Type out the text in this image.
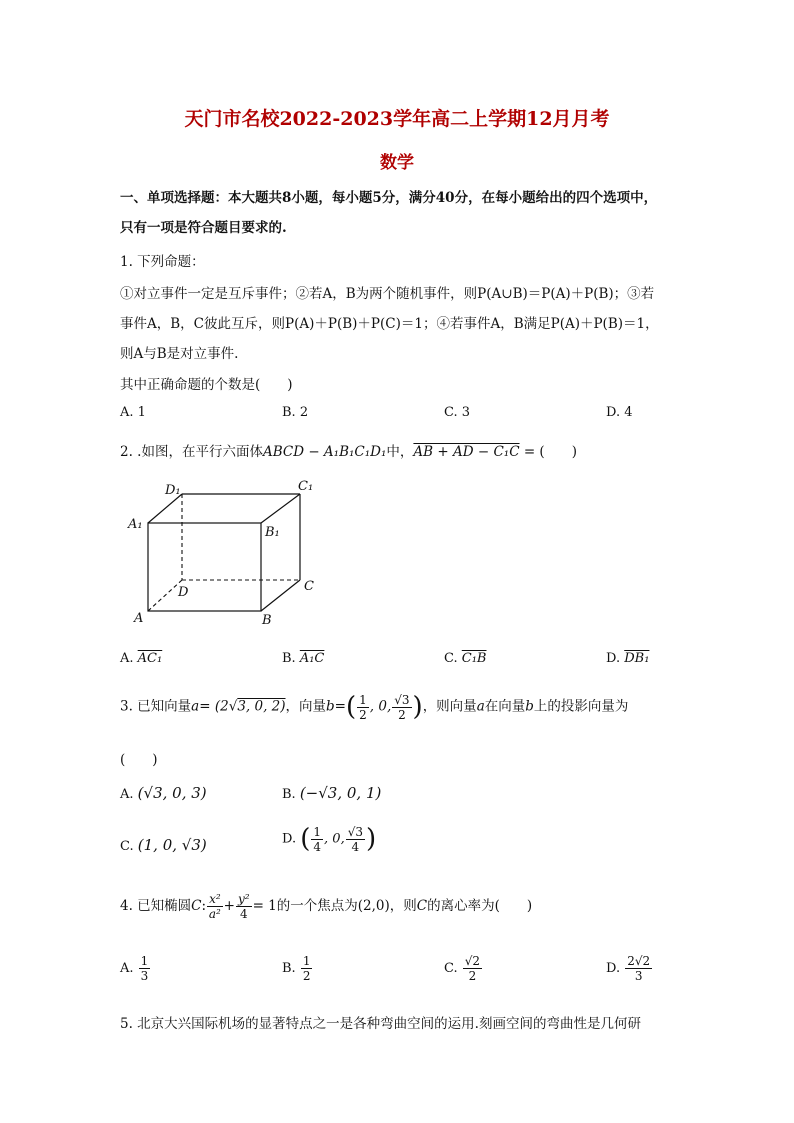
天门市名校2022-2023学年高二上学期12月月考
数学
一、单项选择题：本大题共8小题，每小题5分，满分40分，在每小题给出的四个选项中，
只有一项是符合题目要求的.
1. 下列命题：
①对立事件一定是互斥事件；②若A，B为两个随机事件，则P(A∪B)＝P(A)＋P(B)；③若
事件A，B，C彼此互斥，则P(A)＋P(B)＋P(C)＝1；④若事件A，B满足P(A)＋P(B)＝1，
则A与B是对立事件.
其中正确命题的个数是(　　)
A. 1	B. 2	C. 3	D. 4
2. .如图，在平行六面体ABCD − A₁B₁C₁D₁中，AB + AD − C₁C = (　　)
D₁	C₁
A₁
B₁
D	C
A	B
A. AC₁	B. A₁C	C. C₁B	D. DB₁
3. 已知向量a= (2√3, 0, 2)，向量$b=( \frac{1}{2}$ , 0, $\frac{√3}{2}$ )，则向量a在向量b上的投影向量为
(　　)
A. (√3, 0, 3)	B. (−√3, 0, 1)
C. (1, 0, √3)	D. ( $\frac{1}{4}$ , 0, $\frac{√3}{4}$ )
4. 已知椭圆C: $\frac{\text{x²}}{\text{a²}} + \frac{\text{y²}}{4} = 1$的一个焦点为(2,0)，则C的离心率为(　　)
A. $\frac{1}{3}$	B. $\frac{1}{2}$	C. $\frac{√2}{2}$	D. $\frac{2√2}{3}$
5. 北京大兴国际机场的显著特点之一是各种弯曲空间的运用.刻画空间的弯曲性是几何研
